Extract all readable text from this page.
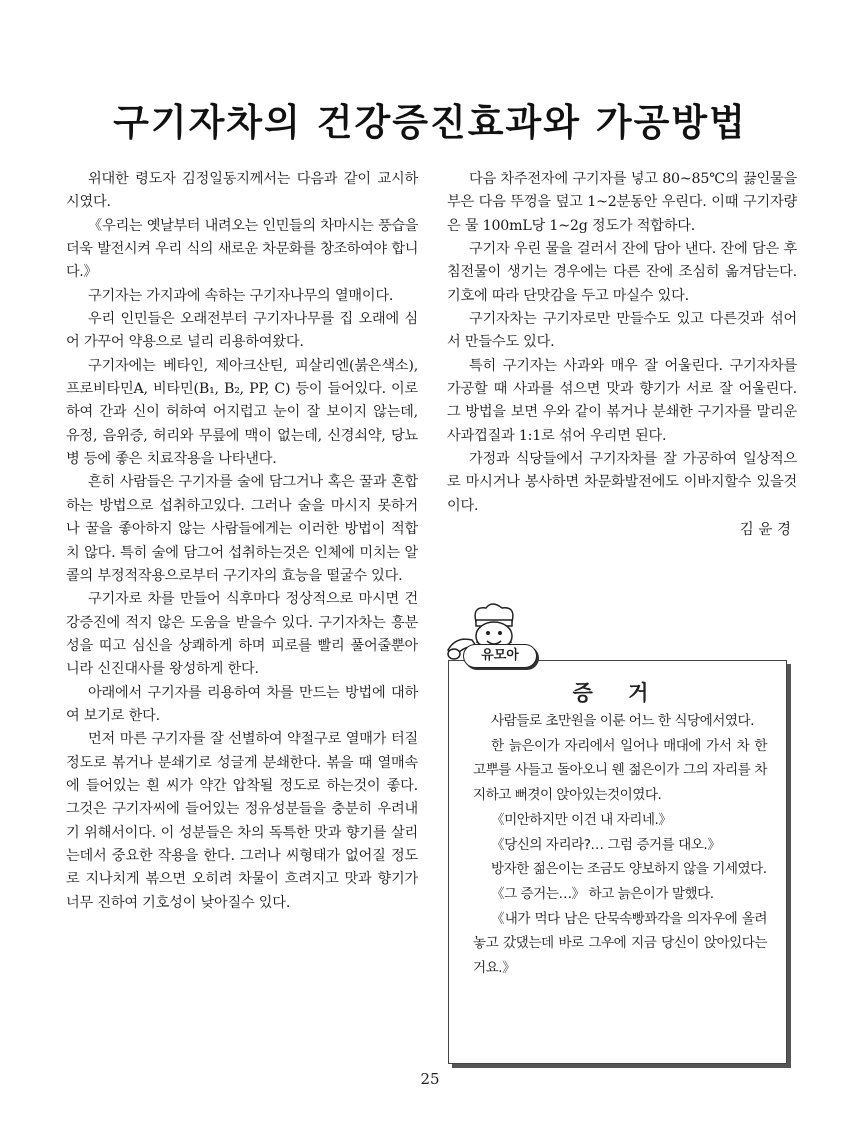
구기자차의 건강증진효과와 가공방법

위대한 령도자 김정일동지께서는 다음과 같이 교시하시였다.

《우리는 옛날부터 내려오는 인민들의 차마시는 풍습을 더욱 발전시켜 우리 식의 새로운 차문화를 창조하여야 합니다.》

구기자는 가지과에 속하는 구기자나무의 열매이다.

우리 인민들은 오래전부터 구기자나무를 집 오래에 심어 가꾸어 약용으로 널리 리용하여왔다.

구기자에는 베타인, 제아크산틴, 피살리엔(붉은색소), 프로비타민A, 비타민(B₁, B₂, PP, C) 등이 들어있다. 이로 하여 간과 신이 허하여 어지럽고 눈이 잘 보이지 않는데, 유정, 음위증, 허리와 무릎에 맥이 없는데, 신경쇠약, 당뇨병 등에 좋은 치료작용을 나타낸다.

흔히 사람들은 구기자를 술에 담그거나 혹은 꿀과 혼합하는 방법으로 섭취하고있다. 그러나 술을 마시지 못하거나 꿀을 좋아하지 않는 사람들에게는 이러한 방법이 적합치 않다. 특히 술에 담그어 섭취하는것은 인체에 미치는 알콜의 부정적작용으로부터 구기자의 효능을 떨굴수 있다.

구기자로 차를 만들어 식후마다 정상적으로 마시면 건강증진에 적지 않은 도움을 받을수 있다. 구기자차는 흥분성을 띠고 심신을 상쾌하게 하며 피로를 빨리 풀어줄뿐아니라 신진대사를 왕성하게 한다.

아래에서 구기자를 리용하여 차를 만드는 방법에 대하여 보기로 한다.

먼저 마른 구기자를 잘 선별하여 약절구로 열매가 터질 정도로 볶거나 분쇄기로 성글게 분쇄한다. 볶을 때 열매속에 들어있는 흰 씨가 약간 압착될 정도로 하는것이 좋다. 그것은 구기자씨에 들어있는 정유성분들을 충분히 우려내기 위해서이다. 이 성분들은 차의 독특한 맛과 향기를 살리는데서 중요한 작용을 한다. 그러나 씨형태가 없어질 정도로 지나치게 볶으면 오히려 차물이 흐려지고 맛과 향기가 너무 진하여 기호성이 낮아질수 있다.

다음 차주전자에 구기자를 넣고 80~85℃의 끓인물을 부은 다음 뚜껑을 덮고 1~2분동안 우린다. 이때 구기자량은 물 100mL당 1~2g 정도가 적합하다.

구기자 우린 물을 걸러서 잔에 담아 낸다. 잔에 담은 후 침전물이 생기는 경우에는 다른 잔에 조심히 옮겨담는다. 기호에 따라 단맛감을 두고 마실수 있다.

구기자차는 구기자로만 만들수도 있고 다른것과 섞어서 만들수도 있다.

특히 구기자는 사과와 매우 잘 어울린다. 구기자차를 가공할 때 사과를 섞으면 맛과 향기가 서로 잘 어울린다. 그 방법을 보면 우와 같이 볶거나 분쇄한 구기자를 말리운 사과껍질과 1:1로 섞어 우리면 된다.

가정과 식당들에서 구기자차를 잘 가공하여 일상적으로 마시거나 봉사하면 차문화발전에도 이바지할수 있을것이다.

김 윤 경

증 거

사람들로 초만원을 이룬 어느 한 식당에서였다.

한 늙은이가 자리에서 일어나 매대에 가서 차 한고뿌를 사들고 돌아오니 웬 젊은이가 그의 자리를 차지하고 뻐겻이 앉아있는것이였다.

《미안하지만 이건 내 자리네.》

《당신의 자리라?… 그럼 증거를 대오.》

방자한 젊은이는 조금도 양보하지 않을 기세였다.

《그 증거는…》 하고 늙은이가 말했다.

《내가 먹다 남은 단묵속빵꽈각을 의자우에 올려놓고 갔댔는데 바로 그우에 지금 당신이 앉아있다는거요.》

유모아
25
